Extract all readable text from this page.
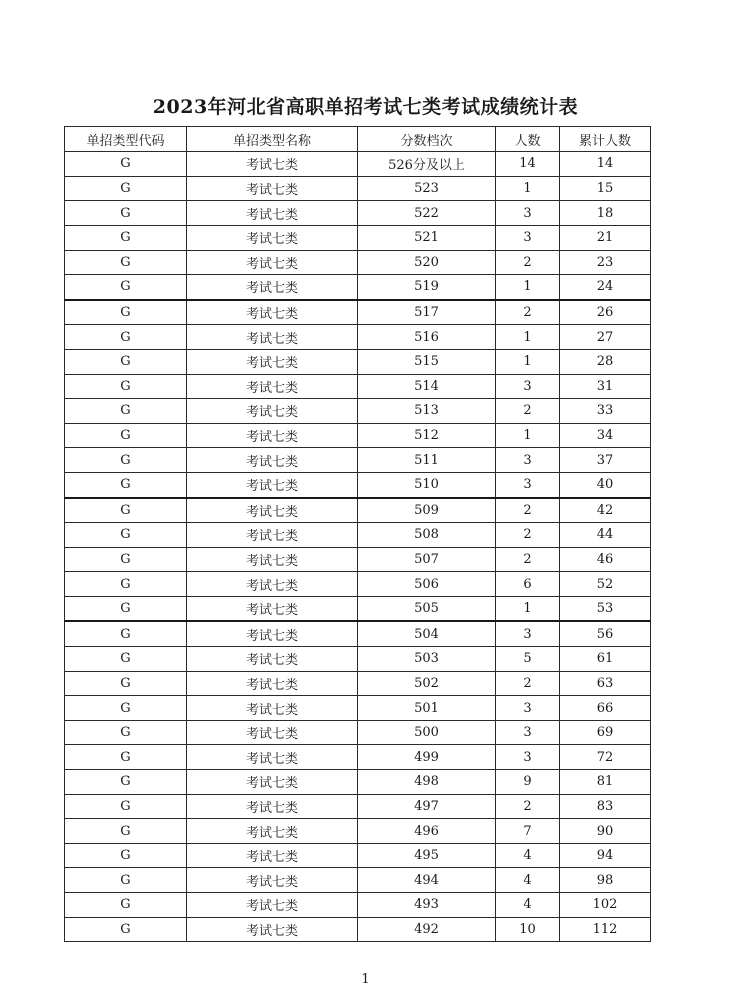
2023年河北省高职单招考试七类考试成绩统计表
单招类型代码	单招类型名称	分数档次	人数	累计人数
G	考试七类	526分及以上	14	14
G	考试七类	523	1	15
G	考试七类	522	3	18
G	考试七类	521	3	21
G	考试七类	520	2	23
G	考试七类	519	1	24
G	考试七类	517	2	26
G	考试七类	516	1	27
G	考试七类	515	1	28
G	考试七类	514	3	31
G	考试七类	513	2	33
G	考试七类	512	1	34
G	考试七类	511	3	37
G	考试七类	510	3	40
G	考试七类	509	2	42
G	考试七类	508	2	44
G	考试七类	507	2	46
G	考试七类	506	6	52
G	考试七类	505	1	53
G	考试七类	504	3	56
G	考试七类	503	5	61
G	考试七类	502	2	63
G	考试七类	501	3	66
G	考试七类	500	3	69
G	考试七类	499	3	72
G	考试七类	498	9	81
G	考试七类	497	2	83
G	考试七类	496	7	90
G	考试七类	495	4	94
G	考试七类	494	4	98
G	考试七类	493	4	102
G	考试七类	492	10	112
1
